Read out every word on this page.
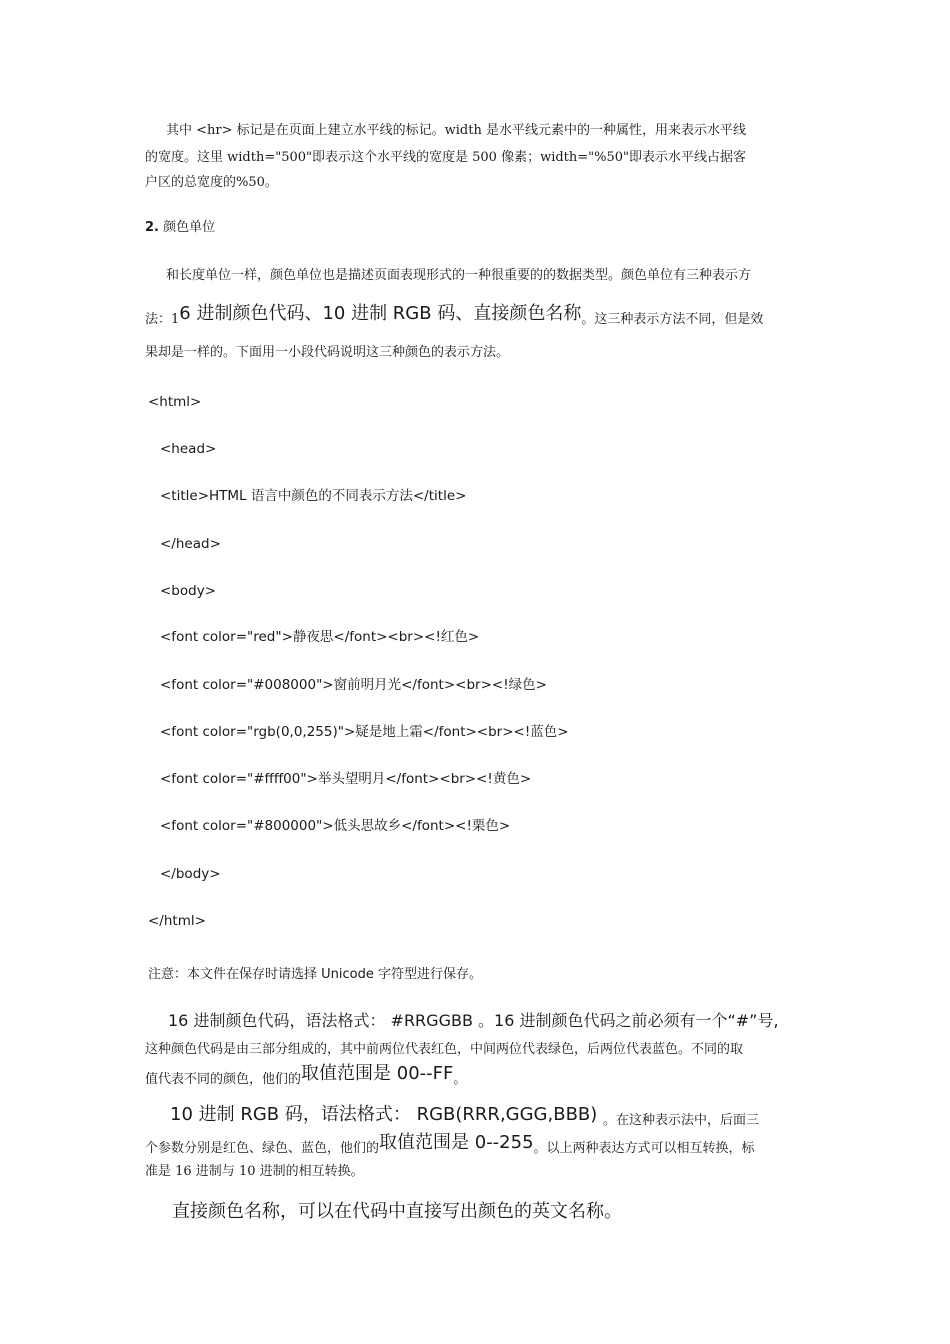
其中 <hr> 标记是在页面上建立水平线的标记。width 是水平线元素中的一种属性，用来表示水平线
的宽度。这里 width="500"即表示这个水平线的宽度是 500 像素；width="%50"即表示水平线占据客
户区的总宽度的%50。
2. 颜色单位
和长度单位一样，颜色单位也是描述页面表现形式的一种很重要的的数据类型。颜色单位有三种表示方
法：16 进制颜色代码、10 进制 RGB 码、直接颜色名称。这三种表示方法不同，但是效
果却是一样的。下面用一小段代码说明这三种颜色的表示方法。
<html>
<head>
<title>HTML 语言中颜色的不同表示方法</title>
</head>
<body>
<font color="red">静夜思</font><br><!红色>
<font color="#008000">窗前明月光</font><br><!绿色>
<font color="rgb(0,0,255)">疑是地上霜</font><br><!蓝色>
<font color="#ffff00">举头望明月</font><br><!黄色>
<font color="#800000">低头思故乡</font><!栗色>
</body>
</html>
注意：本文件在保存时请选择 Unicode 字符型进行保存。
16 进制颜色代码，语法格式： #RRGGBB 。16 进制颜色代码之前必须有一个“#”号,
这种颜色代码是由三部分组成的，其中前两位代表红色，中间两位代表绿色，后两位代表蓝色。不同的取
值代表不同的颜色，他们的取值范围是 00--FF。
10 进制 RGB 码，语法格式： RGB(RRR,GGG,BBB) 。在这种表示法中，后面三
个参数分别是红色、绿色、蓝色，他们的取值范围是 0--255。以上两种表达方式可以相互转换，标
准是 16 进制与 10 进制的相互转换。
直接颜色名称，可以在代码中直接写出颜色的英文名称。
